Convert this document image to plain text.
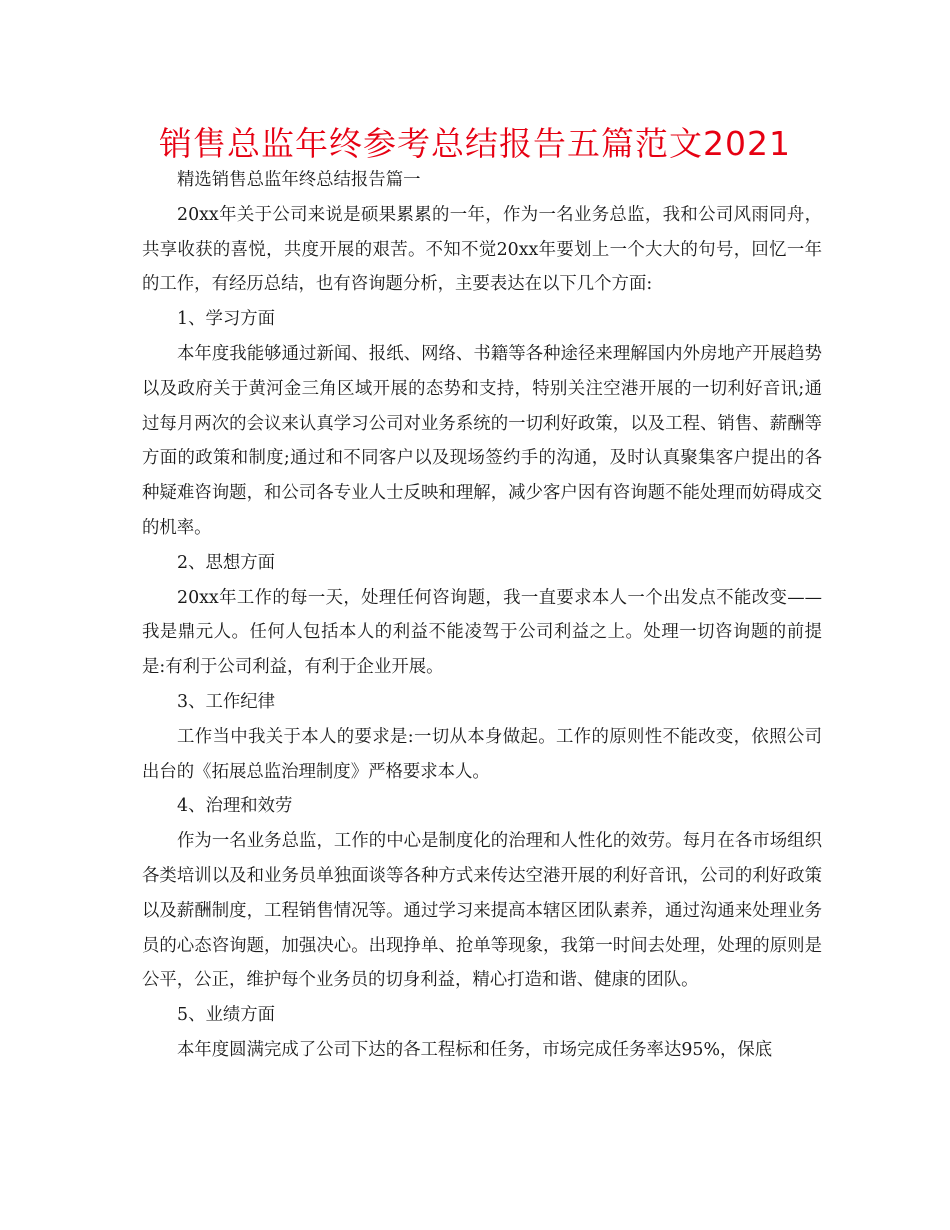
销售总监年终参考总结报告五篇范文2021

精选销售总监年终总结报告篇一

20xx年关于公司来说是硕果累累的一年，作为一名业务总监，我和公司风雨同舟，共享收获的喜悦，共度开展的艰苦。不知不觉20xx年要划上一个大大的句号，回忆一年的工作，有经历总结，也有咨询题分析，主要表达在以下几个方面:

1、学习方面

本年度我能够通过新闻、报纸、网络、书籍等各种途径来理解国内外房地产开展趋势以及政府关于黄河金三角区域开展的态势和支持，特别关注空港开展的一切利好音讯;通过每月两次的会议来认真学习公司对业务系统的一切利好政策，以及工程、销售、薪酬等方面的政策和制度;通过和不同客户以及现场签约手的沟通，及时认真聚集客户提出的各种疑难咨询题，和公司各专业人士反映和理解，减少客户因有咨询题不能处理而妨碍成交的机率。

2、思想方面

20xx年工作的每一天，处理任何咨询题，我一直要求本人一个出发点不能改变——我是鼎元人。任何人包括本人的利益不能凌驾于公司利益之上。处理一切咨询题的前提是:有利于公司利益，有利于企业开展。

3、工作纪律

工作当中我关于本人的要求是:一切从本身做起。工作的原则性不能改变，依照公司出台的《拓展总监治理制度》严格要求本人。

4、治理和效劳

作为一名业务总监，工作的中心是制度化的治理和人性化的效劳。每月在各市场组织各类培训以及和业务员单独面谈等各种方式来传达空港开展的利好音讯，公司的利好政策以及薪酬制度，工程销售情况等。通过学习来提高本辖区团队素养，通过沟通来处理业务员的心态咨询题，加强决心。出现挣单、抢单等现象，我第一时间去处理，处理的原则是公平，公正，维护每个业务员的切身利益，精心打造和谐、健康的团队。

5、业绩方面

本年度圆满完成了公司下达的各工程标和任务，市场完成任务率达95%，保底
